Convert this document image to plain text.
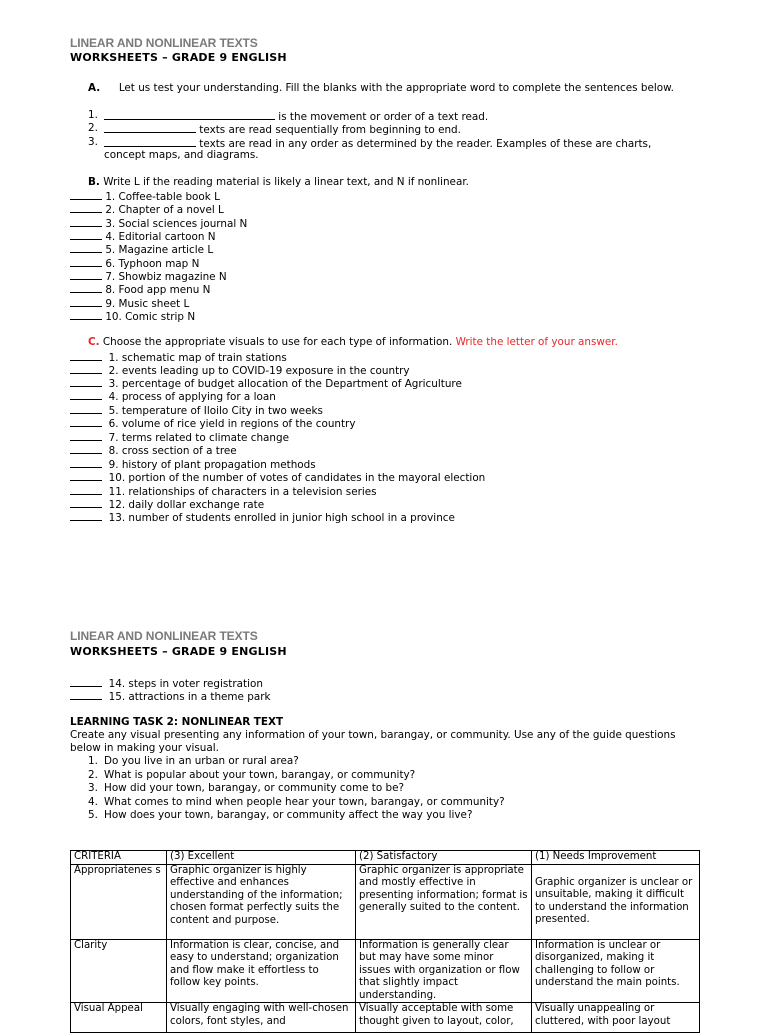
LINEAR AND NONLINEAR TEXTS
WORKSHEETS – GRADE 9 ENGLISH
A. Let us test your understanding. Fill the blanks with the appropriate word to complete the sentences below.
1.	is the movement or order of a text read.
2.	texts are read sequentially from beginning to end.
3.	texts are read in any order as determined by the reader. Examples of these are charts,
concept maps, and diagrams.
B. Write L if the reading material is likely a linear text, and N if nonlinear.
1. Coffee-table book L
2. Chapter of a novel L
3. Social sciences journal N
4. Editorial cartoon N
5. Magazine article L
6. Typhoon map N
7. Showbiz magazine N
8. Food app menu N
9. Music sheet L
10. Comic strip N
C. Choose the appropriate visuals to use for each type of information. Write the letter of your answer.
1. schematic map of train stations
2. events leading up to COVID-19 exposure in the country
3. percentage of budget allocation of the Department of Agriculture
4. process of applying for a loan
5. temperature of Iloilo City in two weeks
6. volume of rice yield in regions of the country
7. terms related to climate change
8. cross section of a tree
9. history of plant propagation methods
10. portion of the number of votes of candidates in the mayoral election
11. relationships of characters in a television series
12. daily dollar exchange rate
13. number of students enrolled in junior high school in a province
LINEAR AND NONLINEAR TEXTS
WORKSHEETS – GRADE 9 ENGLISH
14. steps in voter registration
15. attractions in a theme park
LEARNING TASK 2: NONLINEAR TEXT
Create any visual presenting any information of your town, barangay, or community. Use any of the guide questions
below in making your visual.
1. Do you live in an urban or rural area?
2. What is popular about your town, barangay, or community?
3. How did your town, barangay, or community come to be?
4. What comes to mind when people hear your town, barangay, or community?
5. How does your town, barangay, or community affect the way you live?
CRITERIA	(3) Excellent	(2) Satisfactory	(1) Needs Improvement
Appropriatenes s	Graphic organizer is highly effective and enhances understanding of the information; chosen format perfectly suits the content and purpose.	Graphic organizer is appropriate and mostly effective in presenting information; format is generally suited to the content.	Graphic organizer is unclear or unsuitable, making it difficult to understand the information presented.
Clarity	Information is clear, concise, and easy to understand; organization and flow make it effortless to follow key points.	Information is generally clear but may have some minor issues with organization or flow that slightly impact understanding.	Information is unclear or disorganized, making it challenging to follow or understand the main points.
Visual Appeal	Visually engaging with well-chosen colors, font styles, and	Visually acceptable with some thought given to layout, color,	Visually unappealing or cluttered, with poor layout
